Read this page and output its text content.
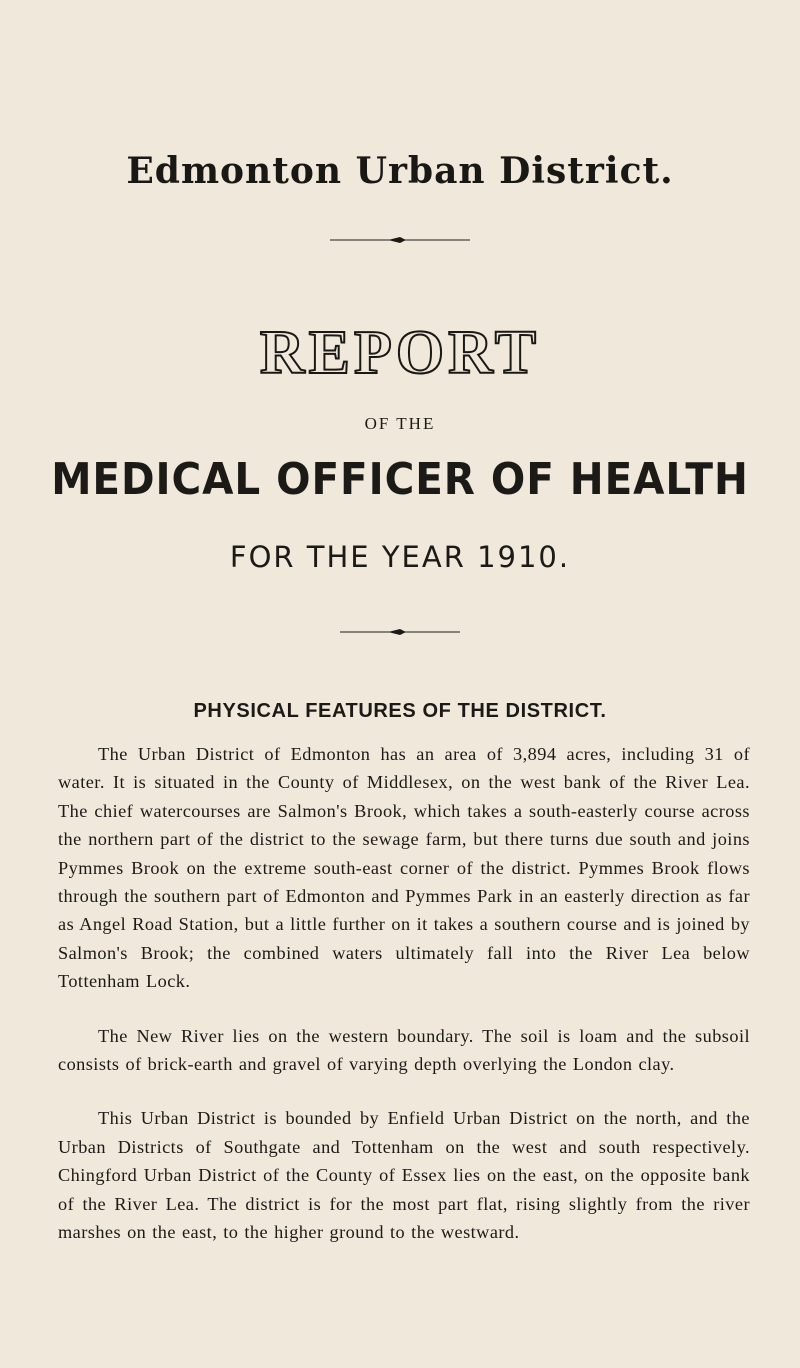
Edmonton Urban District.
REPORT
OF THE
MEDICAL OFFICER OF HEALTH
FOR THE YEAR 1910.
PHYSICAL FEATURES OF THE DISTRICT.

The Urban District of Edmonton has an area of 3,894 acres, including 31 of water. It is situated in the County of Middlesex, on the west bank of the River Lea. The chief watercourses are Salmon's Brook, which takes a south-easterly course across the northern part of the district to the sewage farm, but there turns due south and joins Pymmes Brook on the extreme south-east corner of the district. Pymmes Brook flows through the southern part of Edmonton and Pymmes Park in an easterly direction as far as Angel Road Station, but a little further on it takes a southern course and is joined by Salmon's Brook; the combined waters ultimately fall into the River Lea below Tottenham Lock.

The New River lies on the western boundary. The soil is loam and the subsoil consists of brick-earth and gravel of varying depth overlying the London clay.

This Urban District is bounded by Enfield Urban District on the north, and the Urban Districts of Southgate and Tottenham on the west and south respectively. Chingford Urban District of the County of Essex lies on the east, on the opposite bank of the River Lea. The district is for the most part flat, rising slightly from the river marshes on the east, to the higher ground to the westward.
